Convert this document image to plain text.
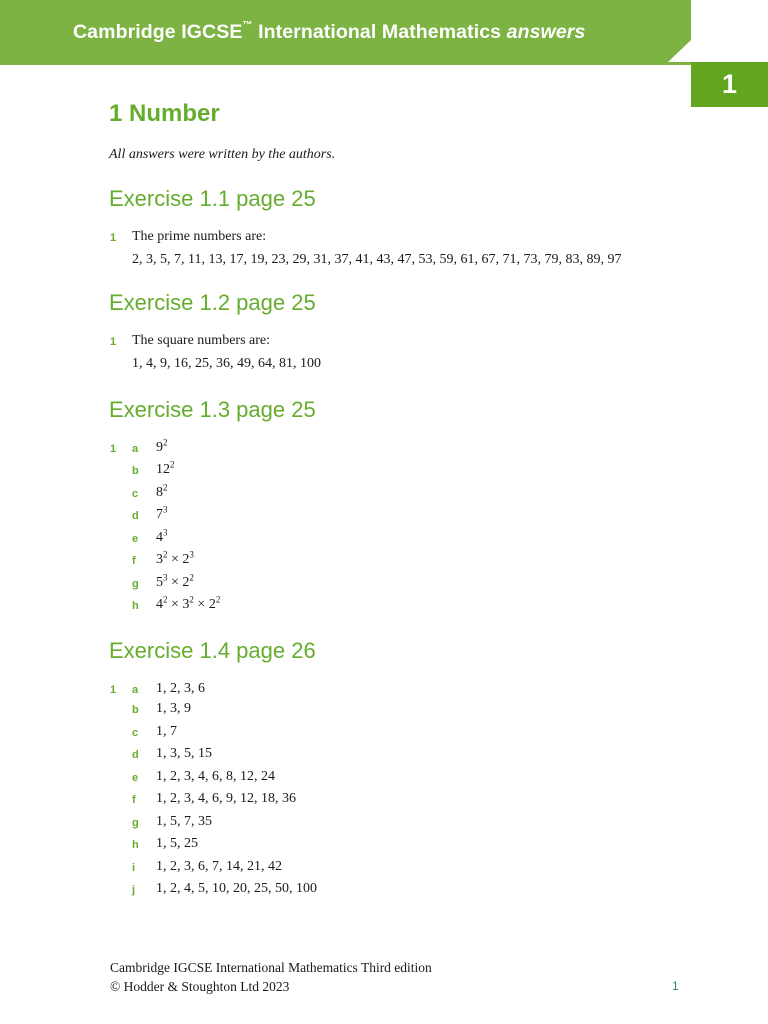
Cambridge IGCSE™ International Mathematics answers
1
1 Number
All answers were written by the authors.
Exercise 1.1 page 25
1 The prime numbers are:
2, 3, 5, 7, 11, 13, 17, 19, 23, 29, 31, 37, 41, 43, 47, 53, 59, 61, 67, 71, 73, 79, 83, 89, 97
Exercise 1.2 page 25
1 The square numbers are:
1, 4, 9, 16, 25, 36, 49, 64, 81, 100
Exercise 1.3 page 25
1 a $9^2$
b $12^2$
c $8^2$
d $7^3$
e $4^3$
f $3^2 \times 2^3$
g $5^3 \times 2^2$
h $4^2 \times 3^2 \times 2^2$
Exercise 1.4 page 26
1 a 1, 2, 3, 6
b 1, 3, 9
c 1, 7
d 1, 3, 5, 15
e 1, 2, 3, 4, 6, 8, 12, 24
f 1, 2, 3, 4, 6, 9, 12, 18, 36
g 1, 5, 7, 35
h 1, 5, 25
i 1, 2, 3, 6, 7, 14, 21, 42
j 1, 2, 4, 5, 10, 20, 25, 50, 100
Cambridge IGCSE International Mathematics Third edition
© Hodder & Stoughton Ltd 2023	1
